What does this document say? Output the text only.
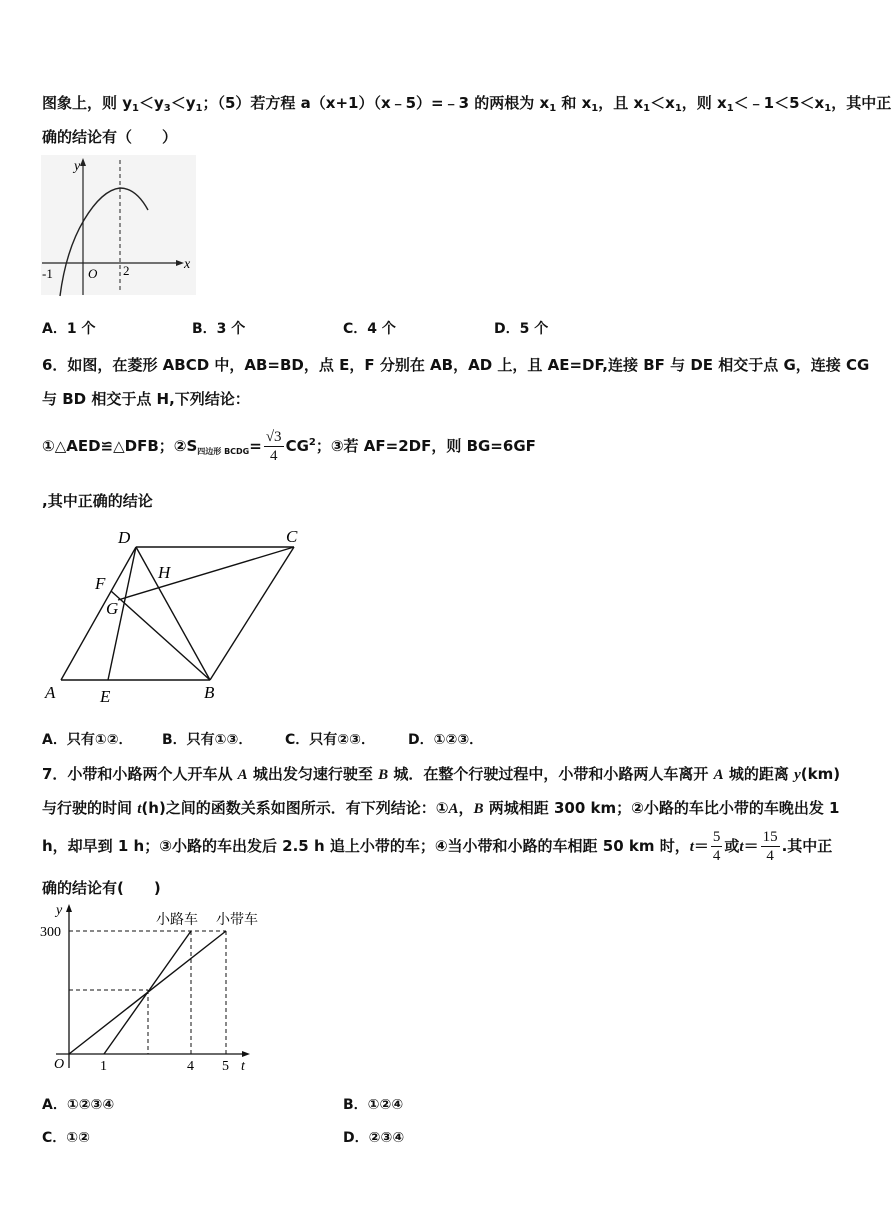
图象上，则 $y_1<y_3<y_1$；（5）若方程 a（x+1）（x﹣5）=﹣3 的两根为 $x_1$ 和 $x_1$，且 $x_1<x_1$，则 $x_1<﹣1<5<x_1$，其中正
确的结论有（　　）
y
x
O
-1	2
A．1 个	B．3 个	C．4 个	D．5 个
6．如图，在菱形 ABCD 中，AB=BD，点 E，F 分别在 AB，AD 上，且 AE=DF,连接 BF 与 DE 相交于点 G，连接 CG
与 BD 相交于点 H,下列结论：
①△AED≌△DFB；$②S_{四边形 BCDG}= \frac{√3}{4} CG^2$；③若 AF=2DF，则 BG=6GF
,其中正确的结论
A	B
C
D
E
F
G
H
A．只有①②． B．只有①③． C．只有②③． D．①②③．
7．小带和小路两个人开车从 A 城出发匀速行驶至 B 城．在整个行驶过程中，小带和小路两人车离开 A 城的距离 y(km)
与行驶的时间 t(h)之间的函数关系如图所示．有下列结论：①A，B 两城相距 300 km；②小路的车比小带的车晚出发 1
h，却早到 1 h；③小路的车出发后 2.5 h 追上小带的车；④当小带和小路的车相距 50 km 时，$t= \frac{5}{4}$ 或$t= \frac{15}{4}$ .其中正
确的结论有(　　)
y
300
O	1	4 5 t
小路车 小带车
A．①②③④	B．①②④
C．①②	D．②③④
